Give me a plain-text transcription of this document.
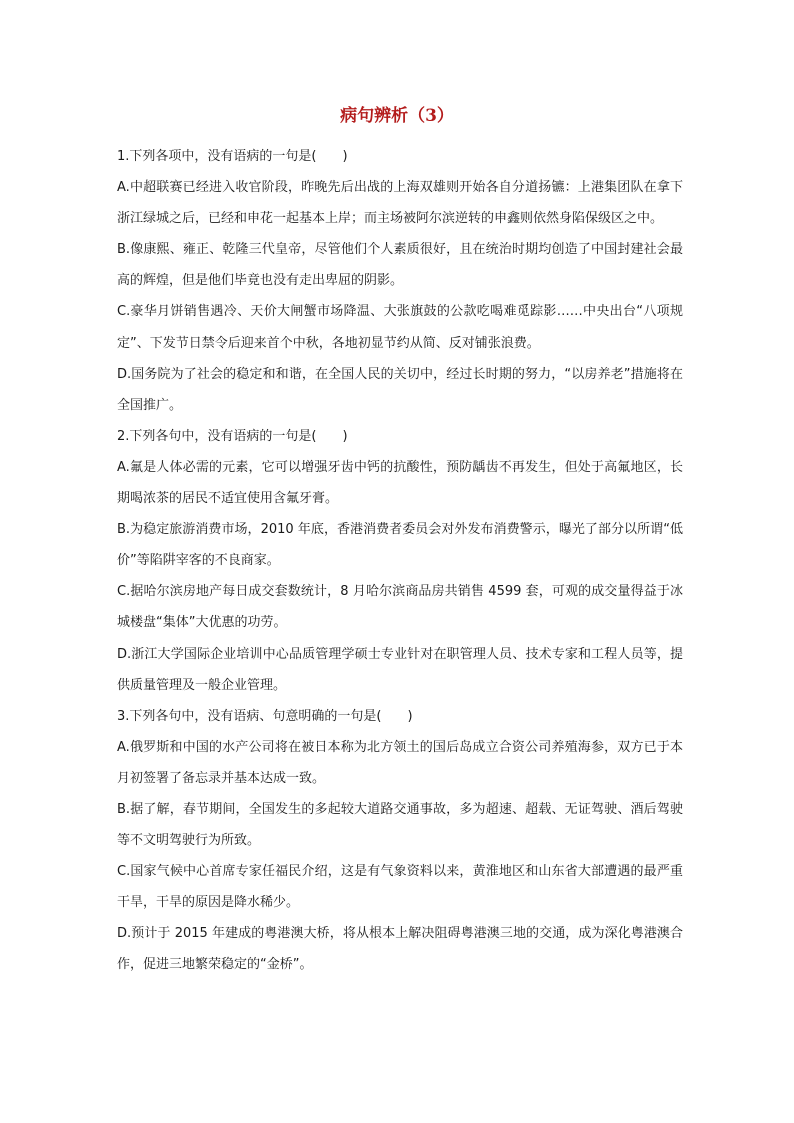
病句辨析（3）

1.下列各项中，没有语病的一句是(　　)

A.中超联赛已经进入收官阶段，昨晚先后出战的上海双雄则开始各自分道扬镳：上港集团队在拿下浙江绿城之后，已经和申花一起基本上岸；而主场被阿尔滨逆转的申鑫则依然身陷保级区之中。

B.像康熙、雍正、乾隆三代皇帝，尽管他们个人素质很好，且在统治时期均创造了中国封建社会最高的辉煌，但是他们毕竟也没有走出卑屈的阴影。

C.豪华月饼销售遇冷、天价大闸蟹市场降温、大张旗鼓的公款吃喝难觅踪影……中央出台“八项规定”、下发节日禁令后迎来首个中秋，各地初显节约从简、反对铺张浪费。

D.国务院为了社会的稳定和和谐，在全国人民的关切中，经过长时期的努力，“以房养老”措施将在全国推广。

2.下列各句中，没有语病的一句是(　　)

A.氟是人体必需的元素，它可以增强牙齿中钙的抗酸性，预防龋齿不再发生，但处于高氟地区，长期喝浓茶的居民不适宜使用含氟牙膏。

B.为稳定旅游消费市场，2010 年底，香港消费者委员会对外发布消费警示，曝光了部分以所谓“低价”等陷阱宰客的不良商家。

C.据哈尔滨房地产每日成交套数统计，8 月哈尔滨商品房共销售 4599 套，可观的成交量得益于冰城楼盘“集体”大优惠的功劳。

D.浙江大学国际企业培训中心品质管理学硕士专业针对在职管理人员、技术专家和工程人员等，提供质量管理及一般企业管理。

3.下列各句中，没有语病、句意明确的一句是(　　)

A.俄罗斯和中国的水产公司将在被日本称为北方领土的国后岛成立合资公司养殖海参，双方已于本月初签署了备忘录并基本达成一致。

B.据了解，春节期间，全国发生的多起较大道路交通事故，多为超速、超载、无证驾驶、酒后驾驶等不文明驾驶行为所致。

C.国家气候中心首席专家任福民介绍，这是有气象资料以来，黄淮地区和山东省大部遭遇的最严重干旱，干旱的原因是降水稀少。

D.预计于 2015 年建成的粤港澳大桥，将从根本上解决阻碍粤港澳三地的交通，成为深化粤港澳合作，促进三地繁荣稳定的“金桥”。
